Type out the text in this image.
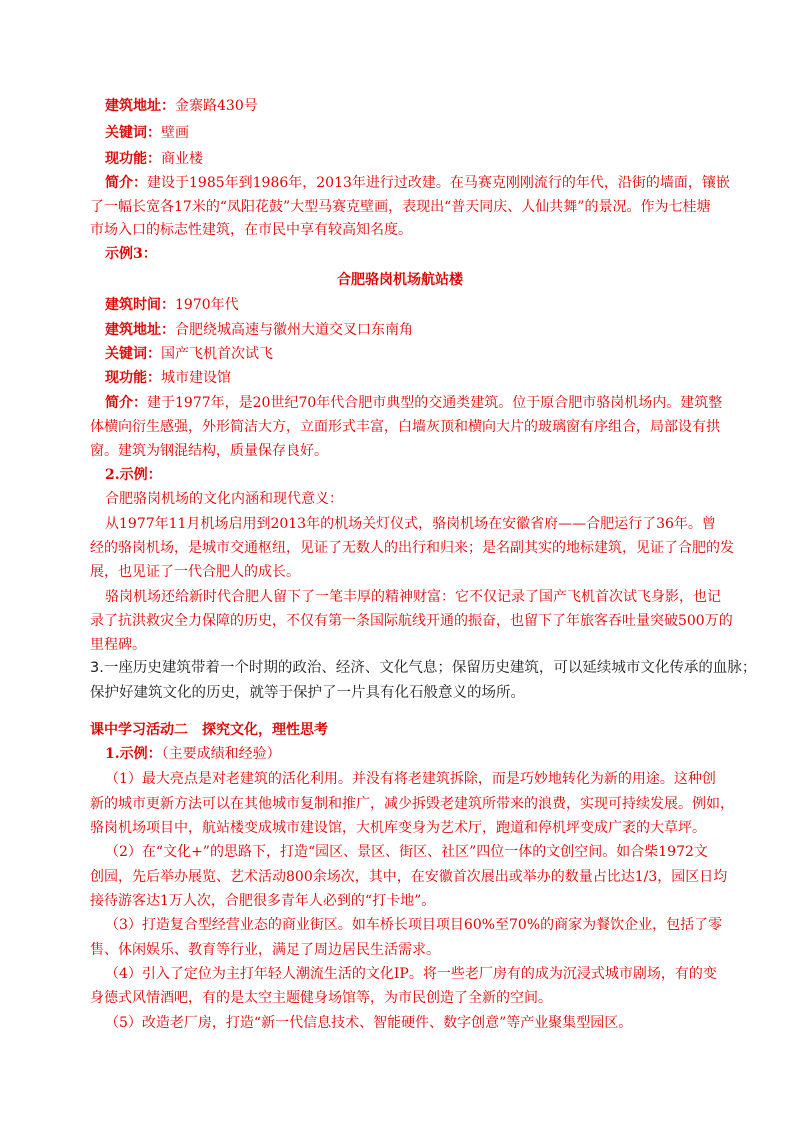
建筑地址：金寨路430号
关键词：壁画
现功能：商业楼
简介：建设于1985年到1986年，2013年进行过改建。在马赛克刚刚流行的年代，沿街的墙面，镶嵌
了一幅长宽各17米的“凤阳花鼓”大型马赛克壁画，表现出“普天同庆、人仙共舞”的景况。作为七桂塘
市场入口的标志性建筑，在市民中享有较高知名度。
示例3：
合肥骆岗机场航站楼
建筑时间：1970年代
建筑地址：合肥绕城高速与徽州大道交叉口东南角
关键词：国产飞机首次试飞
现功能：城市建设馆
简介：建于1977年，是20世纪70年代合肥市典型的交通类建筑。位于原合肥市骆岗机场内。建筑整
体横向衍生感强，外形简洁大方，立面形式丰富，白墙灰顶和横向大片的玻璃窗有序组合，局部设有拱
窗。建筑为钢混结构，质量保存良好。
2.示例：
合肥骆岗机场的文化内涵和现代意义：
从1977年11月机场启用到2013年的机场关灯仪式，骆岗机场在安徽省府——合肥运行了36年。曾
经的骆岗机场，是城市交通枢纽，见证了无数人的出行和归来；是名副其实的地标建筑，见证了合肥的发
展，也见证了一代合肥人的成长。
骆岗机场还给新时代合肥人留下了一笔丰厚的精神财富：它不仅记录了国产飞机首次试飞身影，也记
录了抗洪救灾全力保障的历史，不仅有第一条国际航线开通的振奋，也留下了年旅客吞吐量突破500万的
里程碑。
3.一座历史建筑带着一个时期的政治、经济、文化气息；保留历史建筑，可以延续城市文化传承的血脉；
保护好建筑文化的历史，就等于保护了一片具有化石般意义的场所。
课中学习活动二　探究文化，理性思考
1.示例：（主要成绩和经验）
（1）最大亮点是对老建筑的活化利用。并没有将老建筑拆除，而是巧妙地转化为新的用途。这种创
新的城市更新方法可以在其他城市复制和推广，减少拆毁老建筑所带来的浪费，实现可持续发展。例如，
骆岗机场项目中，航站楼变成城市建设馆，大机库变身为艺术厅，跑道和停机坪变成广袤的大草坪。
（2）在“文化+”的思路下，打造“园区、景区、街区、社区”四位一体的文创空间。如合柴1972文
创园，先后举办展览、艺术活动800余场次，其中，在安徽首次展出或举办的数量占比达1/3，园区日均
接待游客达1万人次，合肥很多青年人必到的“打卡地”。
（3）打造复合型经营业态的商业街区。如车桥长项目项目60%至70%的商家为餐饮企业，包括了零
售、休闲娱乐、教育等行业，满足了周边居民生活需求。
（4）引入了定位为主打年轻人潮流生活的文化IP。将一些老厂房有的成为沉浸式城市剧场，有的变
身德式风情酒吧，有的是太空主题健身场馆等，为市民创造了全新的空间。
（5）改造老厂房，打造“新一代信息技术、智能硬件、数字创意”等产业聚集型园区。
